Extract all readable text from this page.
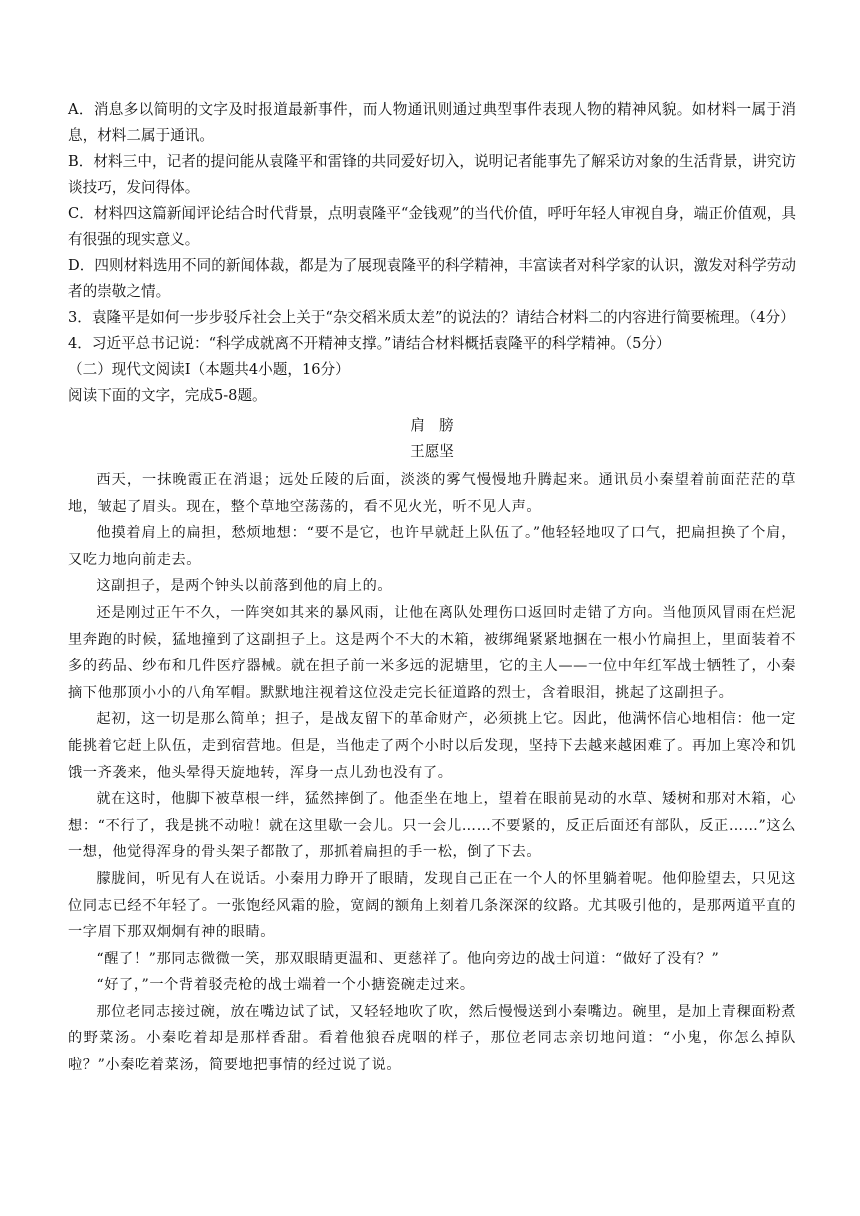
A．消息多以简明的文字及时报道最新事件，而人物通讯则通过典型事件表现人物的精神风貌。如材料一属于消息，材料二属于通讯。

B．材料三中，记者的提问能从袁隆平和雷锋的共同爱好切入，说明记者能事先了解采访对象的生活背景，讲究访谈技巧，发问得体。

C．材料四这篇新闻评论结合时代背景，点明袁隆平“金钱观”的当代价值，呼吁年轻人审视自身，端正价值观，具有很强的现实意义。

D．四则材料选用不同的新闻体裁，都是为了展现袁隆平的科学精神，丰富读者对科学家的认识，激发对科学劳动者的崇敬之情。

3．袁隆平是如何一步步驳斥社会上关于“杂交稻米质太差”的说法的？请结合材料二的内容进行简要梳理。（4分）

4．习近平总书记说：“科学成就离不开精神支撑。”请结合材料概括袁隆平的科学精神。（5分）

（二）现代文阅读Ⅰ（本题共4小题，16分）

阅读下面的文字，完成5-8题。

肩膀

王愿坚

西天，一抹晚霞正在消退；远处丘陵的后面，淡淡的雾气慢慢地升腾起来。通讯员小秦望着前面茫茫的草地，皱起了眉头。现在，整个草地空荡荡的，看不见火光，听不见人声。

他摸着肩上的扁担，愁烦地想：“要不是它，也许早就赶上队伍了。”他轻轻地叹了口气，把扁担换了个肩，又吃力地向前走去。

这副担子，是两个钟头以前落到他的肩上的。

还是刚过正午不久，一阵突如其来的暴风雨，让他在离队处理伤口返回时走错了方向。当他顶风冒雨在烂泥里奔跑的时候，猛地撞到了这副担子上。这是两个不大的木箱，被绑绳紧紧地捆在一根小竹扁担上，里面装着不多的药品、纱布和几件医疗器械。就在担子前一米多远的泥塘里，它的主人——一位中年红军战士牺牲了，小秦摘下他那顶小小的八角军帽。默默地注视着这位没走完长征道路的烈士，含着眼泪，挑起了这副担子。

起初，这一切是那么简单；担子，是战友留下的革命财产，必须挑上它。因此，他满怀信心地相信：他一定能挑着它赶上队伍，走到宿营地。但是，当他走了两个小时以后发现，坚持下去越来越困难了。再加上寒冷和饥饿一齐袭来，他头晕得天旋地转，浑身一点儿劲也没有了。

就在这时，他脚下被草根一绊，猛然摔倒了。他歪坐在地上，望着在眼前晃动的水草、矮树和那对木箱，心想：“不行了，我是挑不动啦！就在这里歇一会儿。只一会儿……不要紧的，反正后面还有部队，反正……”这么一想，他觉得浑身的骨头架子都散了，那抓着扁担的手一松，倒了下去。

朦胧间，听见有人在说话。小秦用力睁开了眼睛，发现自己正在一个人的怀里躺着呢。他仰脸望去，只见这位同志已经不年轻了。一张饱经风霜的脸，宽阔的额角上刻着几条深深的纹路。尤其吸引他的，是那两道平直的一字眉下那双炯炯有神的眼睛。

“醒了！”那同志微微一笑，那双眼睛更温和、更慈祥了。他向旁边的战士问道：“做好了没有？”

“好了，”一个背着驳壳枪的战士端着一个小搪瓷碗走过来。

那位老同志接过碗，放在嘴边试了试，又轻轻地吹了吹，然后慢慢送到小秦嘴边。碗里，是加上青稞面粉煮的野菜汤。小秦吃着却是那样香甜。看着他狼吞虎咽的样子，那位老同志亲切地问道：“小鬼，你怎么掉队啦？”小秦吃着菜汤，简要地把事情的经过说了说。
